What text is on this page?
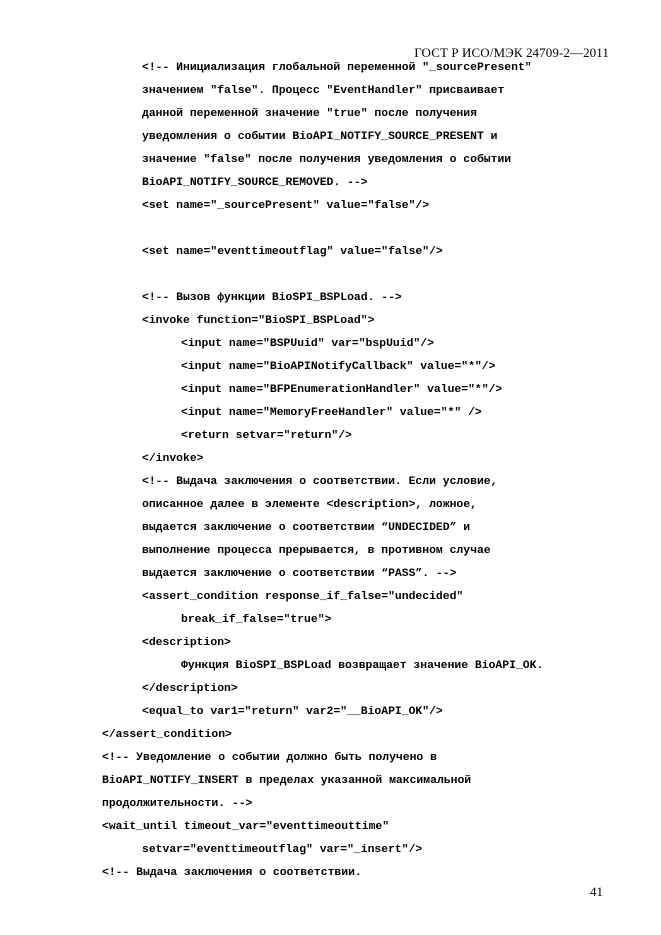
ГОСТ Р ИСО/МЭК 24709-2—2011
<!-- Инициализация глобальной переменной "_sourcePresent"
значением "false". Процесс "EventHandler" присваивает
данной переменной значение "true" после получения
уведомления о событии BioAPI_NOTIFY_SOURCE_PRESENT и
значение "false" после получения уведомления о событии
BioAPI_NOTIFY_SOURCE_REMOVED. -->
<set name="_sourcePresent" value="false"/>
<set name="eventtimeoutflag" value="false"/>
<!-- Вызов функции BioSPI_BSPLoad. -->
<invoke function="BioSPI_BSPLoad">
<input name="BSPUuid" var="bspUuid"/>
<input name="BioAPINotifyCallback" value="*"/>
<input name="BFPEnumerationHandler" value="*"/>
<input name="MemoryFreeHandler" value="*" />
<return setvar="return"/>
</invoke>
<!-- Выдача заключения о соответствии. Если условие,
описанное далее в элементе <description>, ложное,
выдается заключение о соответствии “UNDECIDED” и
выполнение процесса прерывается, в противном случае
выдается заключение о соответствии “PASS”. -->
<assert_condition response_if_false="undecided"
break_if_false="true">
<description>
Функция BioSPI_BSPLoad возвращает значение BioAPI_OK.
</description>
<equal_to var1="return" var2="__BioAPI_OK"/>
</assert_condition>
<!-- Уведомление о событии должно быть получено в
BioAPI_NOTIFY_INSERT в пределах указанной максимальной
продолжительности. -->
<wait_until timeout_var="eventtimeouttime"
setvar="eventtimeoutflag" var="_insert"/>
<!-- Выдача заключения о соответствии.
41
